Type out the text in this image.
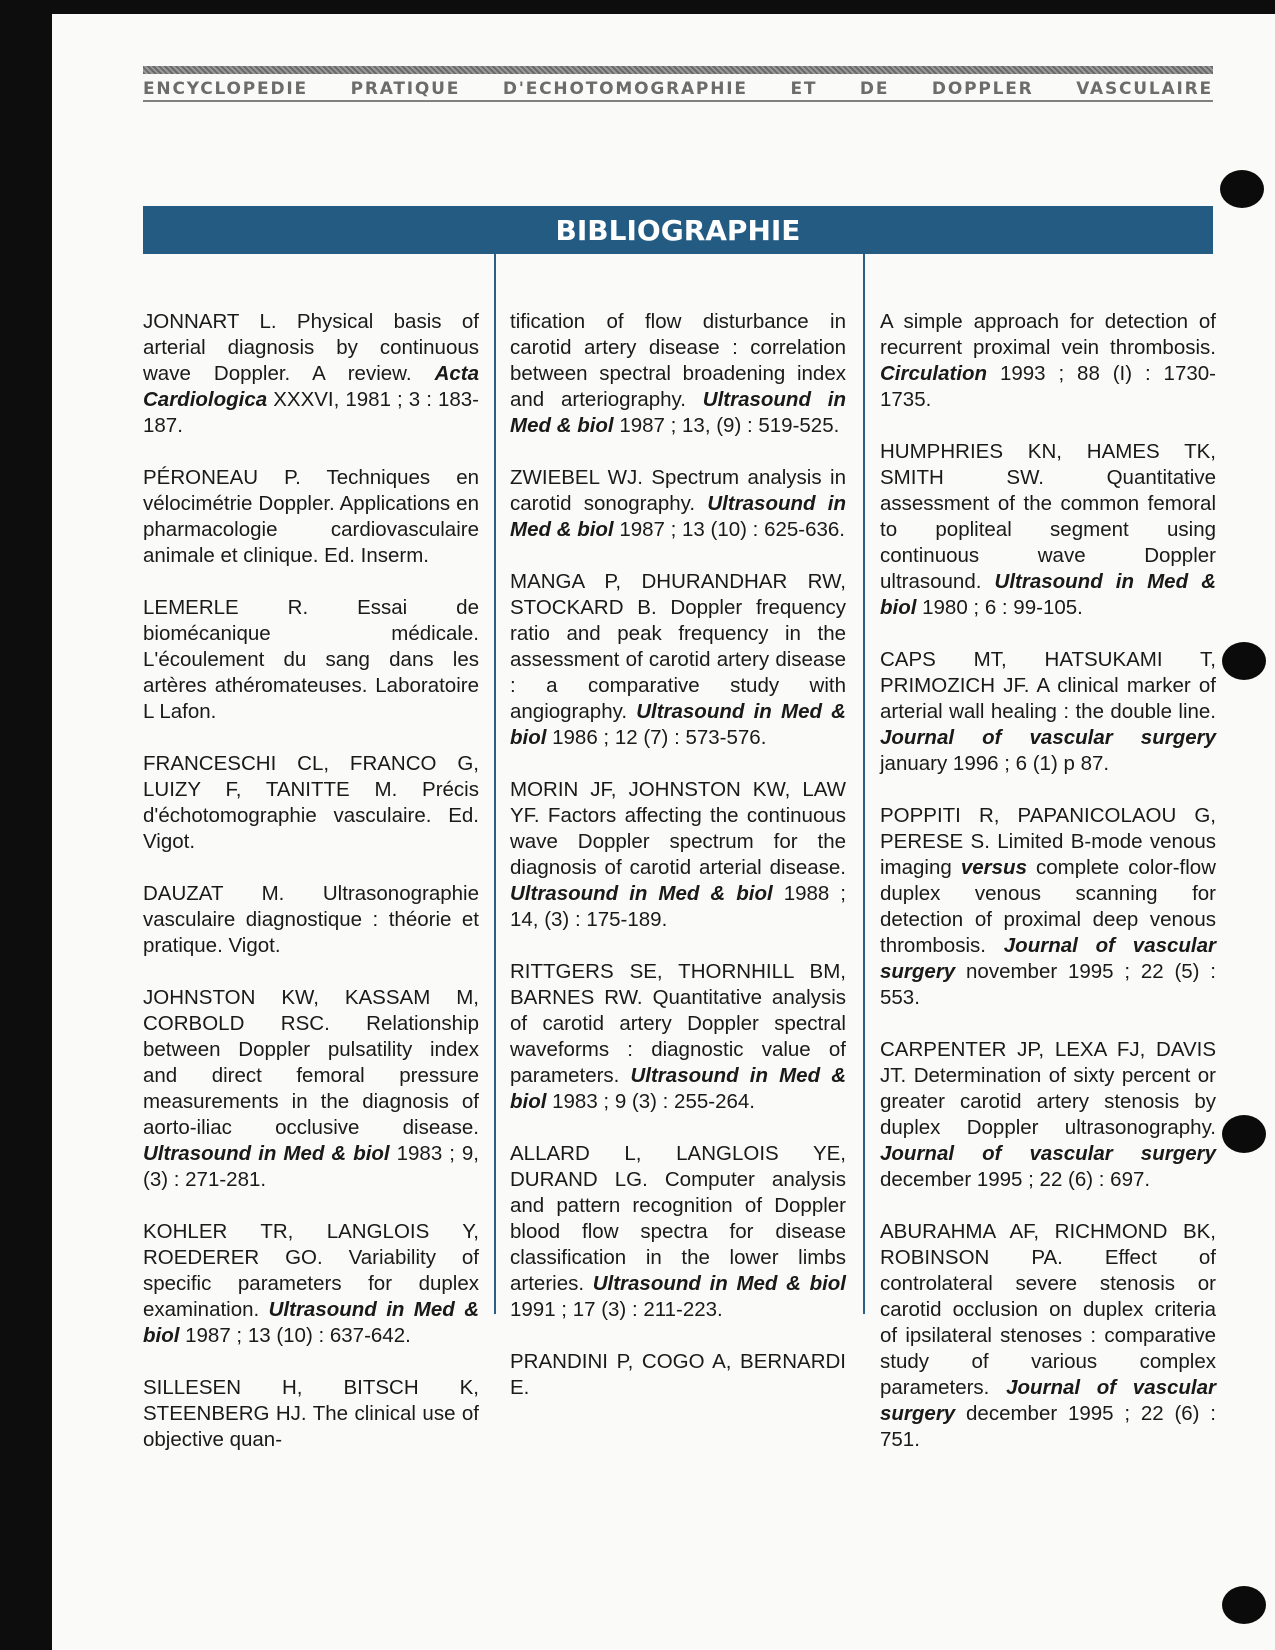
ENCYCLOPEDIE	PRATIQUE	D'ECHOTOMOGRAPHIE	ET	DE	DOPPLER	VASCULAIRE
BIBLIOGRAPHIE

JONNART L. Physical basis of arterial diagnosis by continuous wave Doppler. A review. Acta Cardiologica XXXVI, 1981 ; 3 : 183-187.

PÉRONEAU P. Techniques en vélocimétrie Doppler. Applications en pharmacologie cardiovasculaire animale et clinique. Ed. Inserm.

LEMERLE R. Essai de biomécanique médicale. L'écoulement du sang dans les artères athéromateuses. Laboratoire L Lafon.

FRANCESCHI CL, FRANCO G, LUIZY F, TANITTE M. Précis d'échotomographie vasculaire. Ed. Vigot.

DAUZAT M. Ultrasonographie vasculaire diagnostique : théorie et pratique. Vigot.

JOHNSTON KW, KASSAM M, CORBOLD RSC. Relationship between Doppler pulsatility index and direct femoral pressure measurements in the diagnosis of aorto-iliac occlusive disease. Ultrasound in Med & biol 1983 ; 9, (3) : 271-281.

KOHLER TR, LANGLOIS Y, ROEDERER GO. Variability of specific parameters for duplex examination. Ultrasound in Med & biol 1987 ; 13 (10) : 637-642.

SILLESEN H, BITSCH K, STEENBERG HJ. The clinical use of objective quan-

tification of flow disturbance in carotid artery disease : correlation between spectral broadening index and arteriography. Ultrasound in Med & biol 1987 ; 13, (9) : 519-525.

ZWIEBEL WJ. Spectrum analysis in carotid sonography. Ultrasound in Med & biol 1987 ; 13 (10) : 625-636.

MANGA P, DHURANDHAR RW, STOCKARD B. Doppler frequency ratio and peak frequency in the assessment of carotid artery disease : a comparative study with angiography. Ultrasound in Med & biol 1986 ; 12 (7) : 573-576.

MORIN JF, JOHNSTON KW, LAW YF. Factors affecting the continuous wave Doppler spectrum for the diagnosis of carotid arterial disease. Ultrasound in Med & biol 1988 ; 14, (3) : 175-189.

RITTGERS SE, THORNHILL BM, BARNES RW. Quantitative analysis of carotid artery Doppler spectral waveforms : diagnostic value of parameters. Ultrasound in Med & biol 1983 ; 9 (3) : 255-264.

ALLARD L, LANGLOIS YE, DURAND LG. Computer analysis and pattern recognition of Doppler blood flow spectra for disease classification in the lower limbs arteries. Ultrasound in Med & biol 1991 ; 17 (3) : 211-223.

PRANDINI P, COGO A, BERNARDI E.

A simple approach for detection of recurrent proximal vein thrombosis. Circulation 1993 ; 88 (I) : 1730-1735.

HUMPHRIES KN, HAMES TK, SMITH SW. Quantitative assessment of the common femoral to popliteal segment using continuous wave Doppler ultrasound. Ultrasound in Med & biol 1980 ; 6 : 99-105.

CAPS MT, HATSUKAMI T, PRIMOZICH JF. A clinical marker of arterial wall healing : the double line. Journal of vascular surgery january 1996 ; 6 (1) p 87.

POPPITI R, PAPANICOLAOU G, PERESE S. Limited B-mode venous imaging versus complete color-flow duplex venous scanning for detection of proximal deep venous thrombosis. Journal of vascular surgery november 1995 ; 22 (5) : 553.

CARPENTER JP, LEXA FJ, DAVIS JT. Determination of sixty percent or greater carotid artery stenosis by duplex Doppler ultrasonography. Journal of vascular surgery december 1995 ; 22 (6) : 697.

ABURAHMA AF, RICHMOND BK, ROBINSON PA. Effect of controlateral severe stenosis or carotid occlusion on duplex criteria of ipsilateral stenoses : comparative study of various complex parameters. Journal of vascular surgery december 1995 ; 22 (6) : 751.
